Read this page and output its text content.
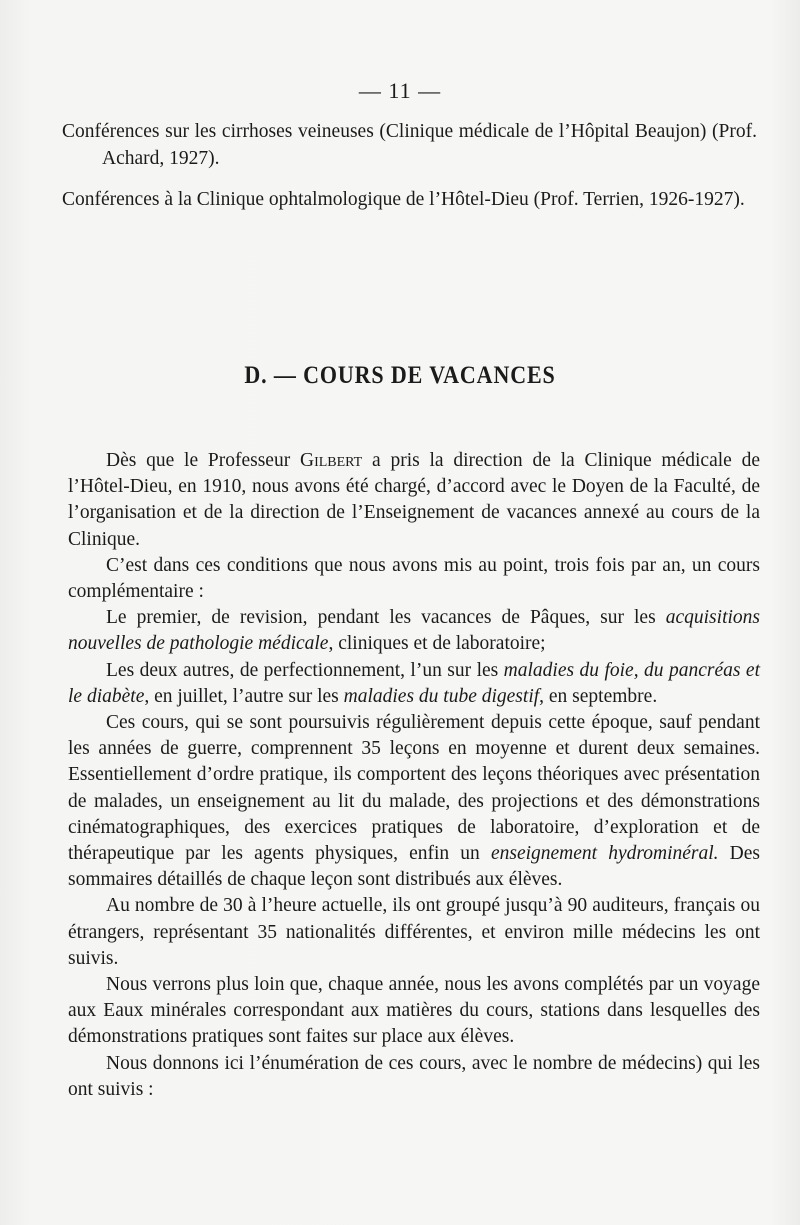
— 11 —

Conférences sur les cirrhoses veineuses (Clinique médicale de l’Hôpital Beaujon) (Prof. Achard, 1927).

Conférences à la Clinique ophtalmologique de l’Hôtel-Dieu (Prof. Terrien, 1926-1927).

D. — COURS DE VACANCES

Dès que le Professeur Gilbert a pris la direction de la Clinique médicale de l’Hôtel-Dieu, en 1910, nous avons été chargé, d’accord avec le Doyen de la Faculté, de l’organisation et de la direction de l’Enseignement de vacances annexé au cours de la Clinique.

C’est dans ces conditions que nous avons mis au point, trois fois par an, un cours complémentaire :

Le premier, de revision, pendant les vacances de Pâques, sur les acquisitions nouvelles de pathologie médicale, cliniques et de laboratoire;

Les deux autres, de perfectionnement, l’un sur les maladies du foie, du pancréas et le diabète, en juillet, l’autre sur les maladies du tube digestif, en septembre.

Ces cours, qui se sont poursuivis régulièrement depuis cette époque, sauf pendant les années de guerre, comprennent 35 leçons en moyenne et durent deux semaines. Essentiellement d’ordre pratique, ils comportent des leçons théoriques avec présentation de malades, un enseignement au lit du malade, des projections et des démonstrations cinématographiques, des exercices pratiques de laboratoire, d’exploration et de thérapeutique par les agents physiques, enfin un enseignement hydrominéral. Des sommaires détaillés de chaque leçon sont distribués aux élèves.

Au nombre de 30 à l’heure actuelle, ils ont groupé jusqu’à 90 auditeurs, français ou étrangers, représentant 35 nationalités différentes, et environ mille médecins les ont suivis.

Nous verrons plus loin que, chaque année, nous les avons complétés par un voyage aux Eaux minérales correspondant aux matières du cours, stations dans lesquelles des démonstrations pratiques sont faites sur place aux élèves.

Nous donnons ici l’énumération de ces cours, avec le nombre de médecins) qui les ont suivis :
